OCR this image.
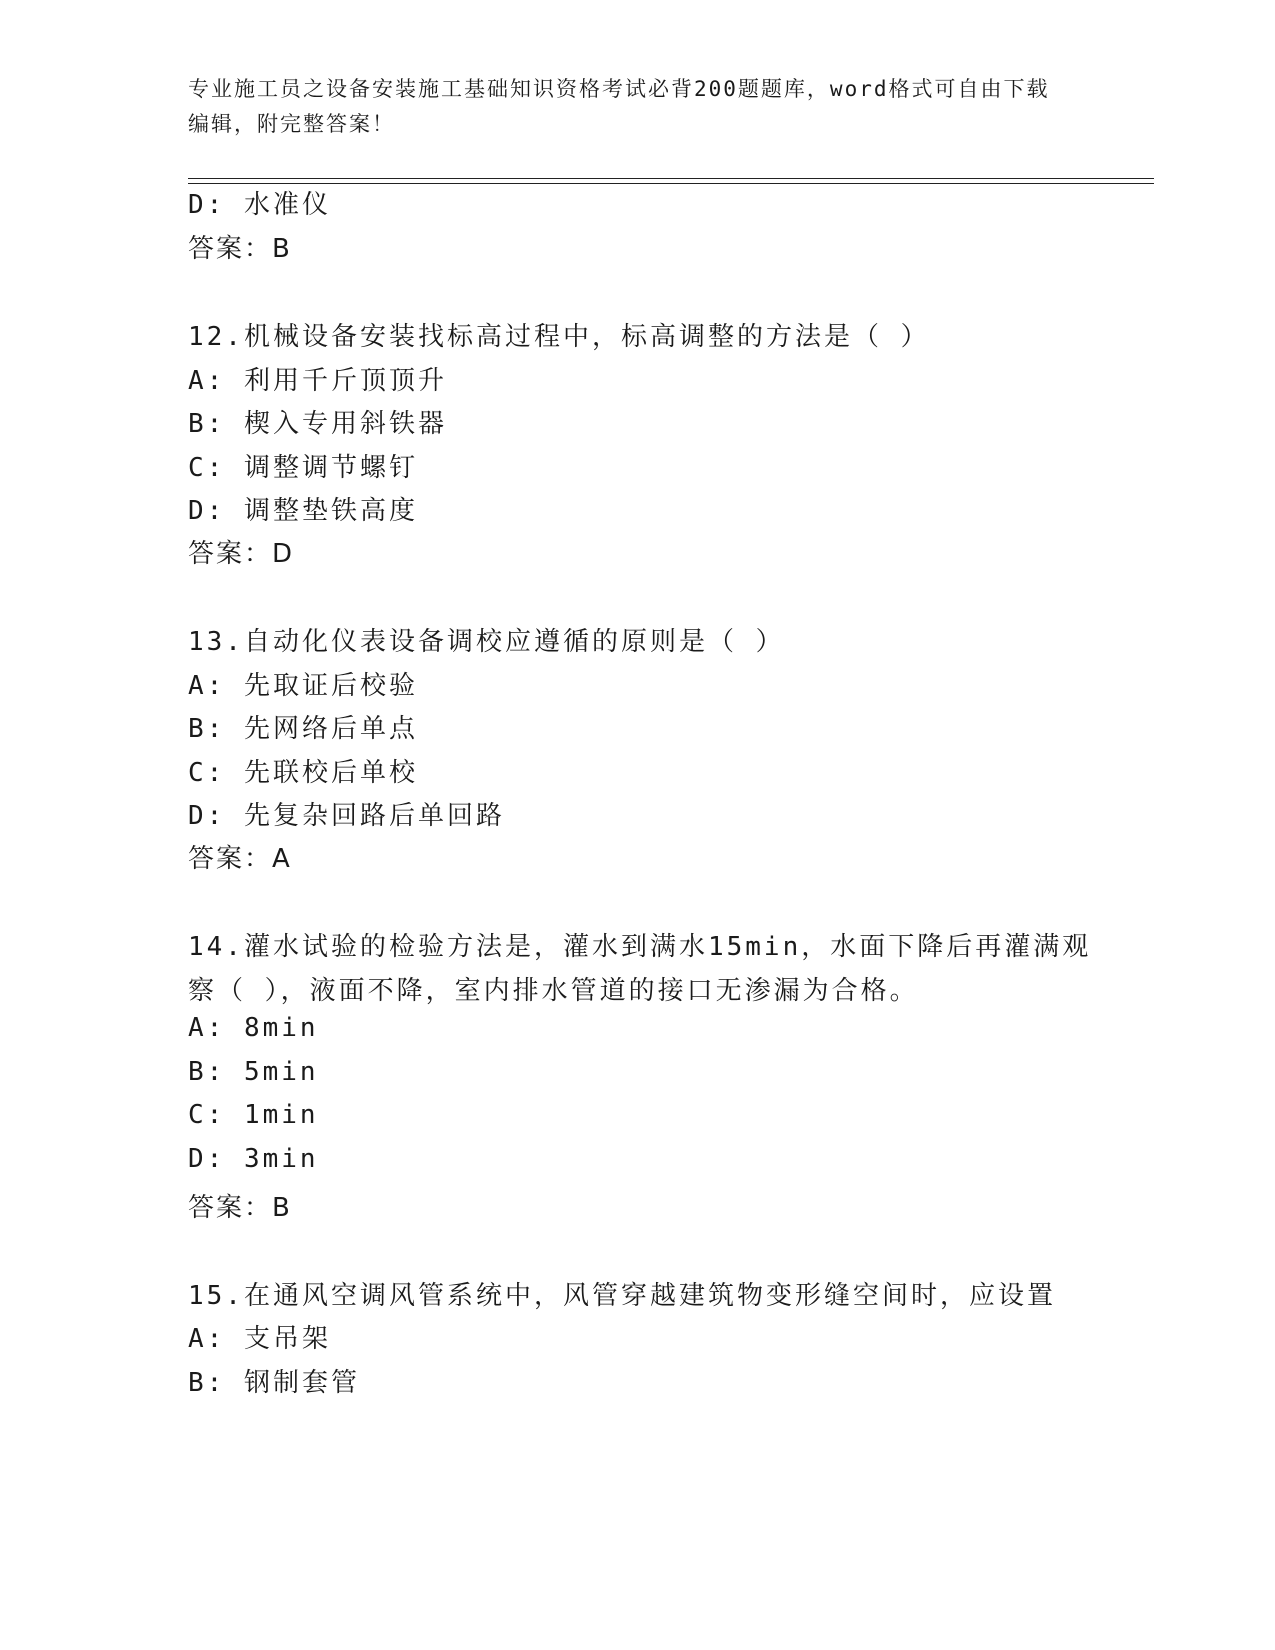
专业施工员之设备安装施工基础知识资格考试必背200题题库，word格式可自由下载编辑，附完整答案！
D: 水准仪
答案：B
12.机械设备安装找标高过程中，标高调整的方法是（ ）
A: 利用千斤顶顶升
B: 楔入专用斜铁器
C: 调整调节螺钉
D: 调整垫铁高度
答案：D
13.自动化仪表设备调校应遵循的原则是（ ）
A: 先取证后校验
B: 先网络后单点
C: 先联校后单校
D: 先复杂回路后单回路
答案：A
14.灌水试验的检验方法是，灌水到满水15min，水面下降后再灌满观
察（ ），液面不降，室内排水管道的接口无渗漏为合格。
A: 8min
B: 5min
C: 1min
D: 3min
答案：B
15.在通风空调风管系统中，风管穿越建筑物变形缝空间时，应设置
A: 支吊架
B: 钢制套管
